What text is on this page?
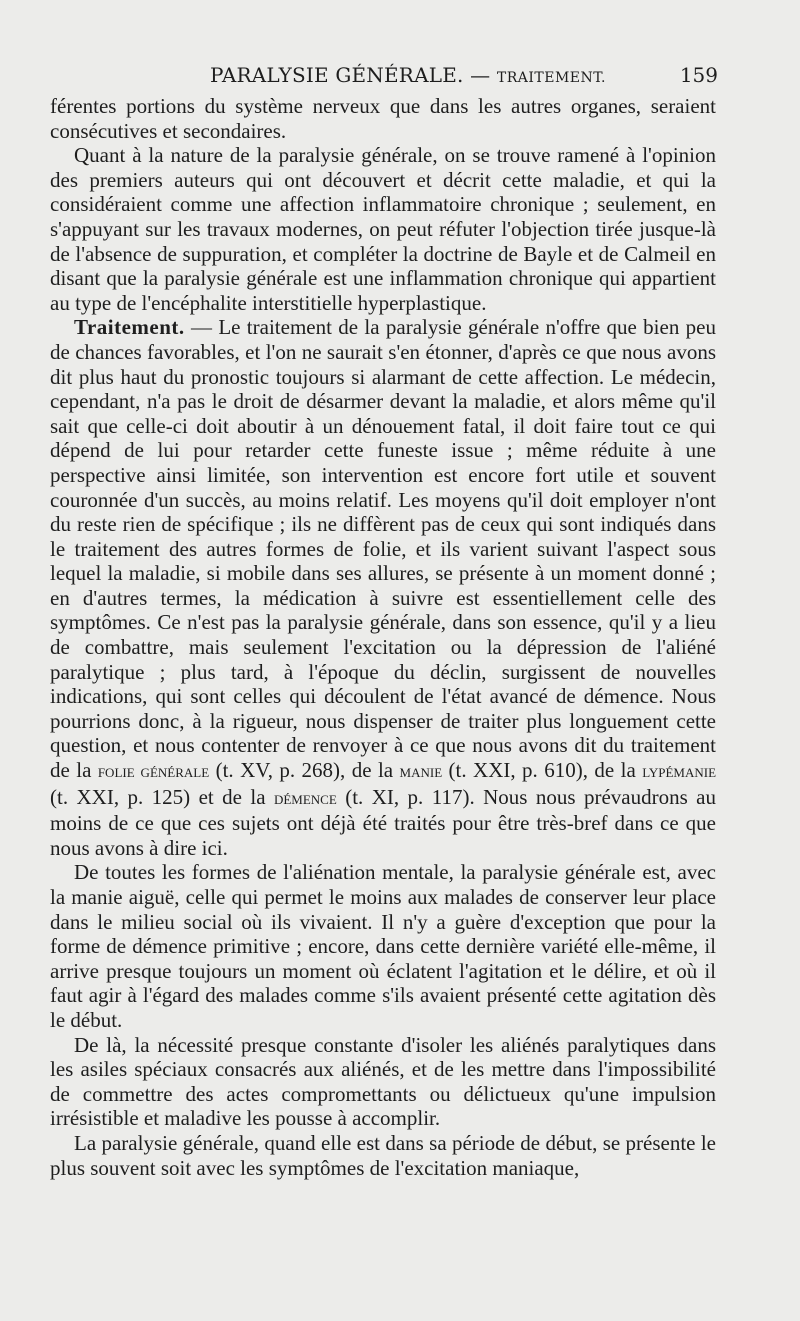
PARALYSIE GÉNÉRALE. — TRAITEMENT.	159

férentes portions du système nerveux que dans les autres organes, seraient consécutives et secondaires.

Quant à la nature de la paralysie générale, on se trouve ramené à l'opinion des premiers auteurs qui ont découvert et décrit cette maladie, et qui la considéraient comme une affection inflammatoire chronique ; seulement, en s'appuyant sur les travaux modernes, on peut réfuter l'objection tirée jusque-là de l'absence de suppuration, et compléter la doctrine de Bayle et de Calmeil en disant que la paralysie générale est une inflammation chronique qui appartient au type de l'encéphalite interstitielle hyperplastique.

Traitement. — Le traitement de la paralysie générale n'offre que bien peu de chances favorables, et l'on ne saurait s'en étonner, d'après ce que nous avons dit plus haut du pronostic toujours si alarmant de cette affection. Le médecin, cependant, n'a pas le droit de désarmer devant la maladie, et alors même qu'il sait que celle-ci doit aboutir à un dénouement fatal, il doit faire tout ce qui dépend de lui pour retarder cette funeste issue ; même réduite à une perspective ainsi limitée, son intervention est encore fort utile et souvent couronnée d'un succès, au moins relatif. Les moyens qu'il doit employer n'ont du reste rien de spécifique ; ils ne diffèrent pas de ceux qui sont indiqués dans le traitement des autres formes de folie, et ils varient suivant l'aspect sous lequel la maladie, si mobile dans ses allures, se présente à un moment donné ; en d'autres termes, la médication à suivre est essentiellement celle des symptômes. Ce n'est pas la paralysie générale, dans son essence, qu'il y a lieu de combattre, mais seulement l'excitation ou la dépression de l'aliéné paralytique ; plus tard, à l'époque du déclin, surgissent de nouvelles indications, qui sont celles qui découlent de l'état avancé de démence. Nous pourrions donc, à la rigueur, nous dispenser de traiter plus longuement cette question, et nous contenter de renvoyer à ce que nous avons dit du traitement de la folie générale (t. XV, p. 268), de la manie (t. XXI, p. 610), de la lypémanie (t. XXI, p. 125) et de la démence (t. XI, p. 117). Nous nous prévaudrons au moins de ce que ces sujets ont déjà été traités pour être très-bref dans ce que nous avons à dire ici.

De toutes les formes de l'aliénation mentale, la paralysie générale est, avec la manie aiguë, celle qui permet le moins aux malades de conserver leur place dans le milieu social où ils vivaient. Il n'y a guère d'exception que pour la forme de démence primitive ; encore, dans cette dernière variété elle-même, il arrive presque toujours un moment où éclatent l'agitation et le délire, et où il faut agir à l'égard des malades comme s'ils avaient présenté cette agitation dès le début.

De là, la nécessité presque constante d'isoler les aliénés paralytiques dans les asiles spéciaux consacrés aux aliénés, et de les mettre dans l'impossibilité de commettre des actes compromettants ou délictueux qu'une impulsion irrésistible et maladive les pousse à accomplir.

La paralysie générale, quand elle est dans sa période de début, se présente le plus souvent soit avec les symptômes de l'excitation maniaque,
